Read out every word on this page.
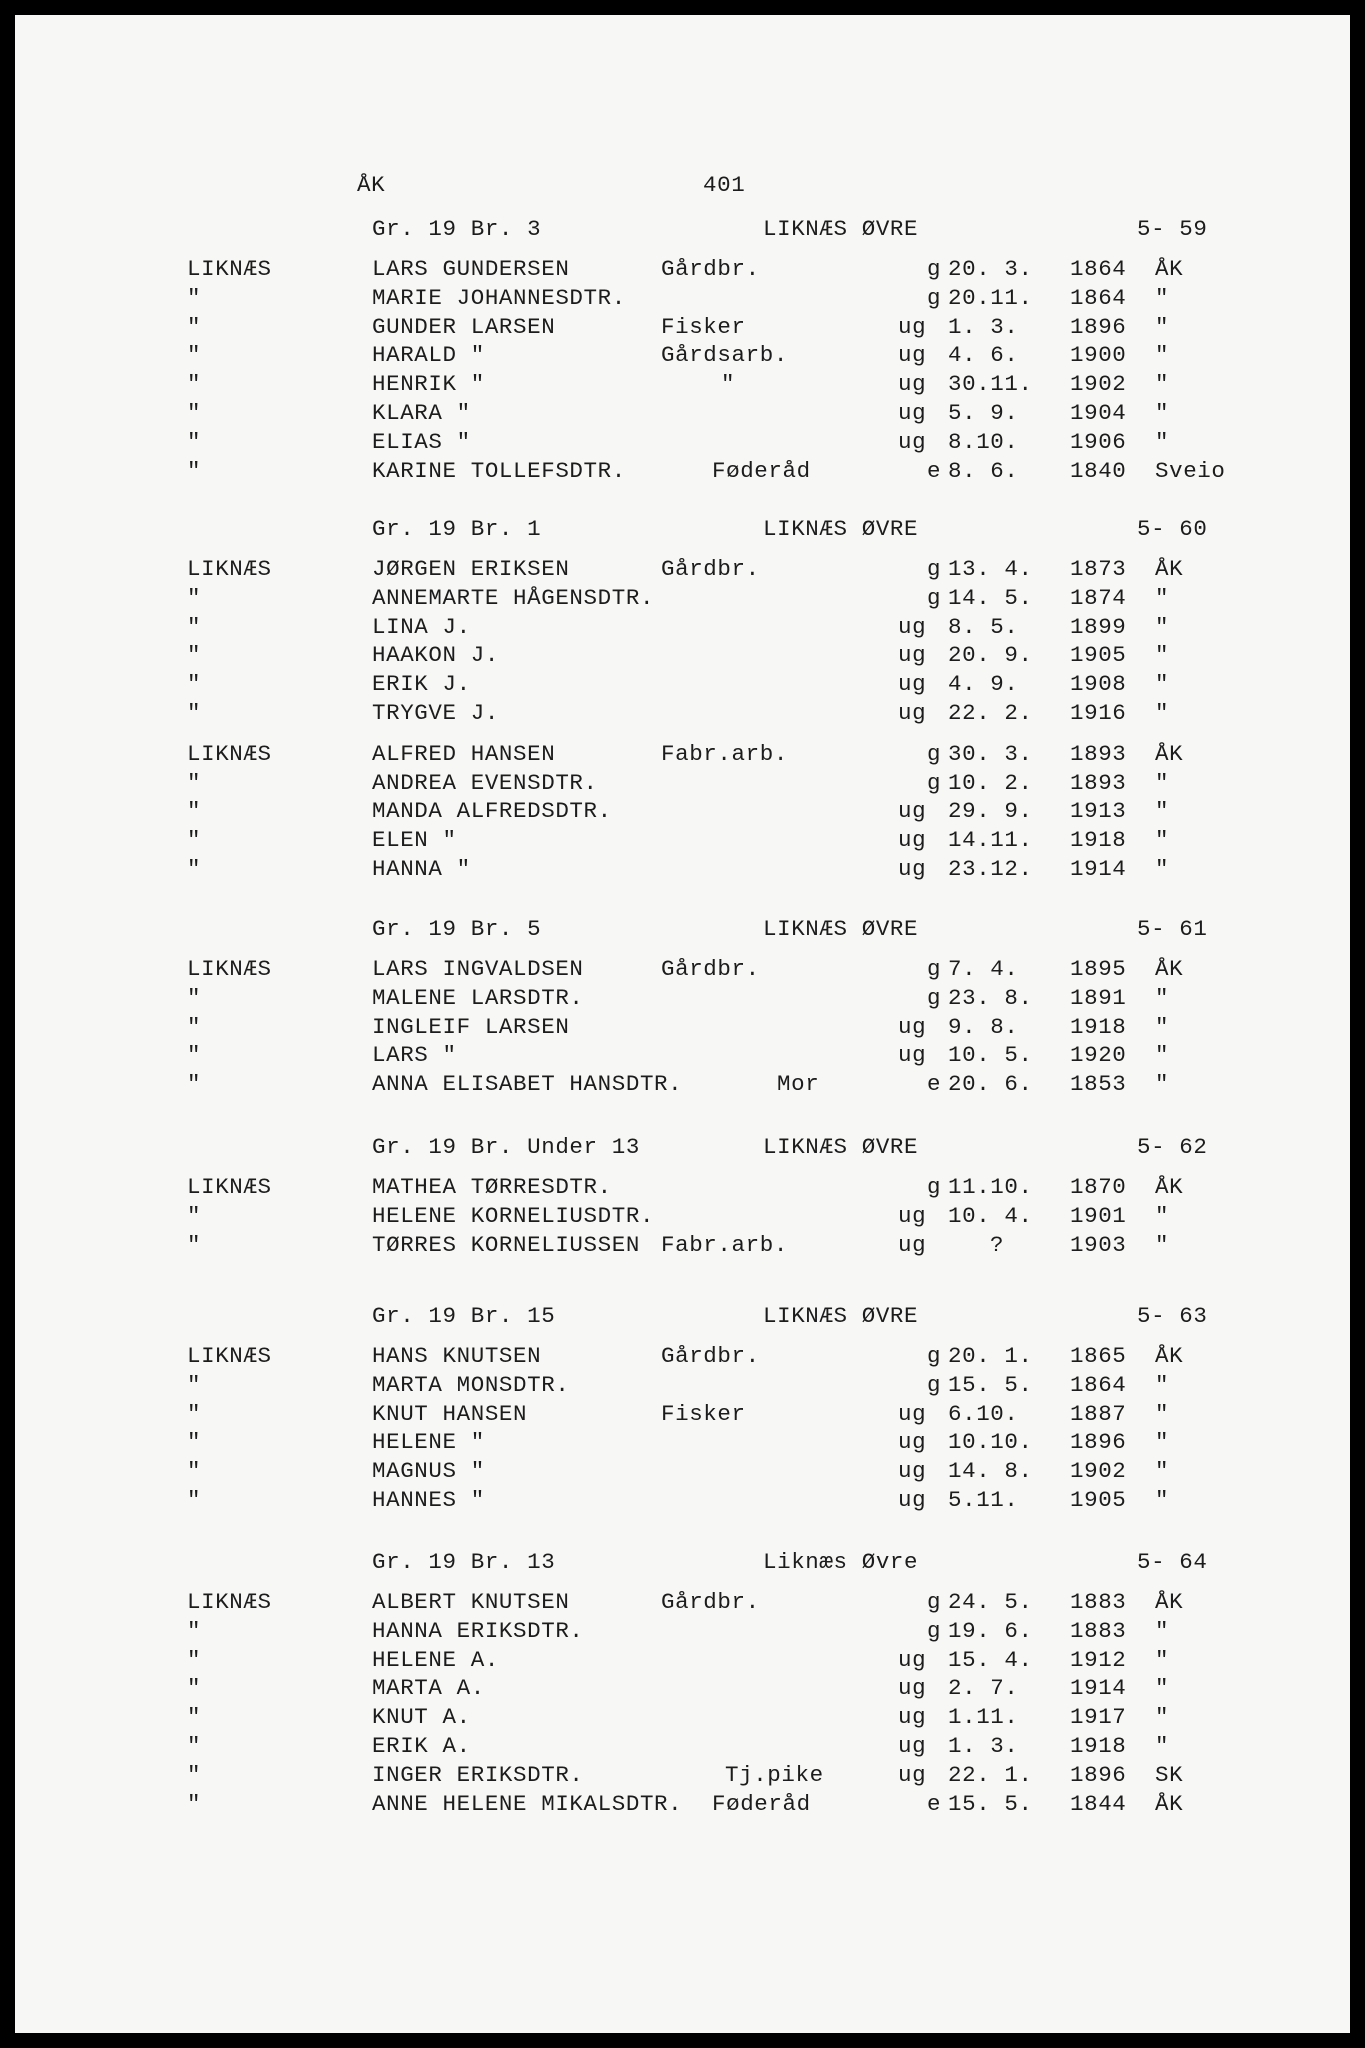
ÅK

	401

Gr. 19 Br. 3	LIKNÆS ØVRE	5- 59
LIKNÆS	LARS GUNDERSEN	Gårdbr.	g 20. 3. 1864 ÅK
"	MARIE JOHANNESDTR.	g 20.11. 1864 "
"	GUNDER LARSEN	Fisker	ug 1. 3. 1896 "
"	HARALD "	Gårdsarb.	ug 4. 6. 1900 "
"	HENRIK "	"	ug 30.11. 1902 "
"	KLARA "	ug 5. 9. 1904 "
"	ELIAS "	ug 8.10. 1906 "
"	KARINE TOLLEFSDTR.	Føderåd	e 8. 6. 1840 Sveio
Gr. 19 Br. 1	LIKNÆS ØVRE	5- 60
LIKNÆS	JØRGEN ERIKSEN	Gårdbr.	g 13. 4. 1873 ÅK
"	ANNEMARTE HÅGENSDTR.	g 14. 5. 1874 "
"	LINA J.	ug 8. 5. 1899 "
"	HAAKON J.	ug 20. 9. 1905 "
"	ERIK J.	ug 4. 9. 1908 "
"	TRYGVE J.	ug 22. 2. 1916 "
LIKNÆS	ALFRED HANSEN	Fabr.arb.	g 30. 3. 1893 ÅK
"	ANDREA EVENSDTR.	g 10. 2. 1893 "
"	MANDA ALFREDSDTR.	ug 29. 9. 1913 "
"	ELEN "	ug 14.11. 1918 "
"	HANNA "	ug 23.12. 1914 "
Gr. 19 Br. 5	LIKNÆS ØVRE	5- 61
LIKNÆS	LARS INGVALDSEN	Gårdbr.	g 7. 4. 1895 ÅK
"	MALENE LARSDTR.	g 23. 8. 1891 "
"	INGLEIF LARSEN	ug 9. 8. 1918 "
"	LARS "	ug 10. 5. 1920 "
"	ANNA ELISABET HANSDTR.	Mor	e 20. 6. 1853 "
Gr. 19 Br. Under 13	LIKNÆS ØVRE	5- 62
LIKNÆS	MATHEA TØRRESDTR.	g 11.10. 1870 ÅK
"	HELENE KORNELIUSDTR.	ug 10. 4. 1901 "
"	TØRRES KORNELIUSSEN Fabr.arb.	ug	?	1903 "
Gr. 19 Br. 15	LIKNÆS ØVRE	5- 63
LIKNÆS	HANS KNUTSEN	Gårdbr.	g 20. 1. 1865 ÅK
"	MARTA MONSDTR.	g 15. 5. 1864 "
"	KNUT HANSEN	Fisker	ug 6.10. 1887 "
"	HELENE "	ug 10.10. 1896 "
"	MAGNUS "	ug 14. 8. 1902 "
"	HANNES "	ug 5.11. 1905 "
Gr. 19 Br. 13	Liknæs Øvre	5- 64
LIKNÆS	ALBERT KNUTSEN	Gårdbr.	g 24. 5. 1883 ÅK
"	HANNA ERIKSDTR.	g 19. 6. 1883 "
"	HELENE A.	ug 15. 4. 1912 "
"	MARTA A.	ug 2. 7. 1914 "
"	KNUT A.	ug 1.11. 1917 "
"	ERIK A.	ug 1. 3. 1918 "
"	INGER ERIKSDTR.	Tj.pike	ug 22. 1. 1896 SK
"	ANNE HELENE MIKALSDTR. Føderåd	e 15. 5. 1844 ÅK
